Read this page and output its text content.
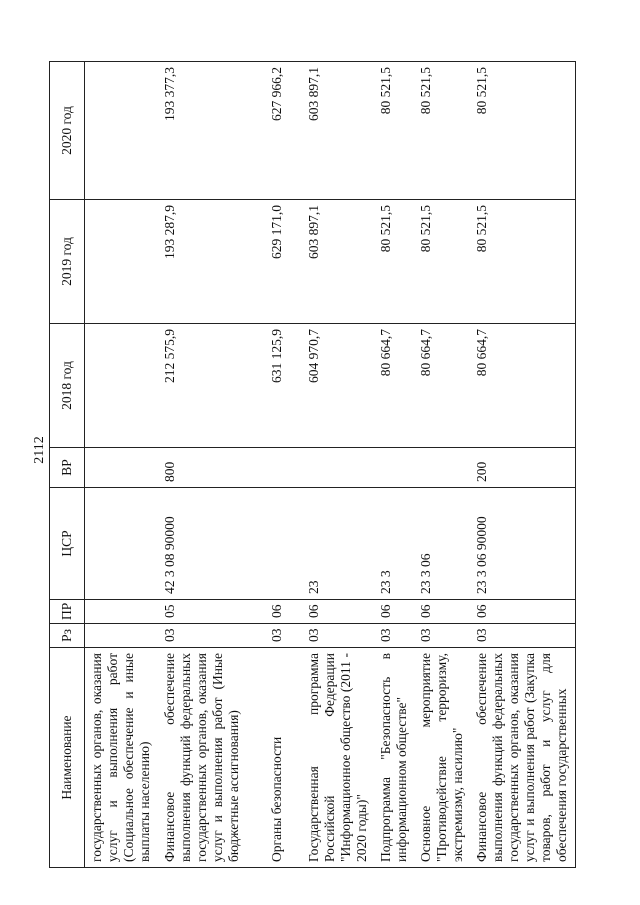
2112
Наименование	Рз	ПР	ЦСР	ВР	2018 год	2019 год	2020 год
государственных органов, оказания услуг и выполнения работ (Социальное обеспечение и иные выплаты населению)							
Финансовое обеспечение выполнения функций федеральных государственных органов, оказания услуг и выполнения работ (Иные бюджетные ассигнования)	03	05	42 3 08 90000	800	212 575,9	193 287,9	193 377,3
Органы безопасности	03	06			631 125,9	629 171,0	627 966,2
Государственная программа Российской Федерации "Информационное общество (2011 - 2020 годы)"	03	06	23		604 970,7	603 897,1	603 897,1
Подпрограмма "Безопасность в информационном обществе"	03	06	23 3		80 664,7	80 521,5	80 521,5
Основное мероприятие "Противодействие терроризму, экстремизму, насилию"	03	06	23 3 06		80 664,7	80 521,5	80 521,5
Финансовое обеспечение выполнения функций федеральных государственных органов, оказания услуг и выполнения работ (Закупка товаров, работ и услуг для обеспечения государственных	03	06	23 3 06 90000	200	80 664,7	80 521,5	80 521,5
